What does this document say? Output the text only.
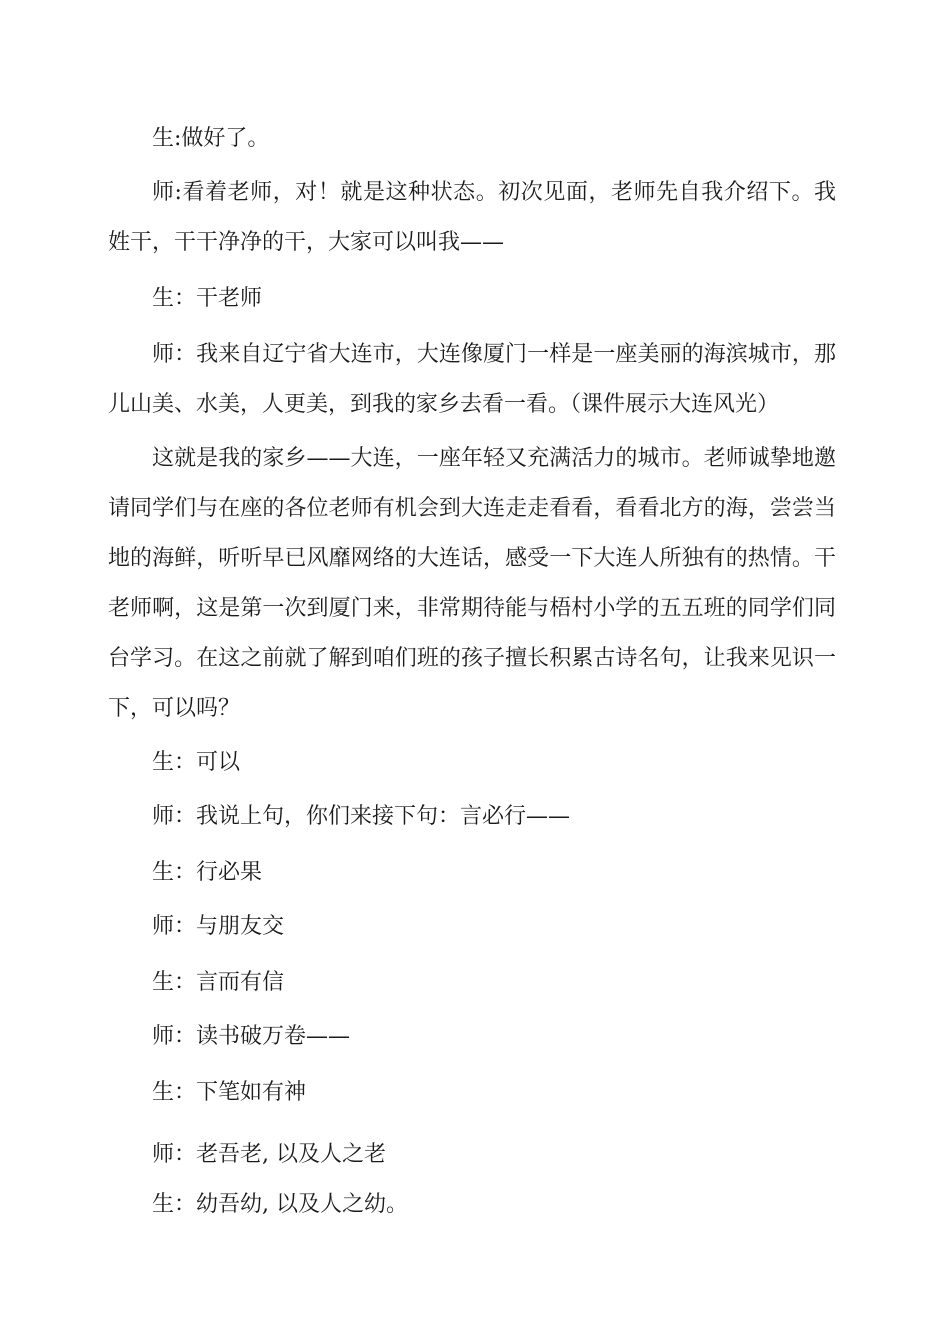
生:做好了。

师:看着老师，对！就是这种状态。初次见面，老师先自我介绍下。我姓干，干干净净的干，大家可以叫我——

生：干老师

师：我来自辽宁省大连市，大连像厦门一样是一座美丽的海滨城市，那儿山美、水美，人更美，到我的家乡去看一看。（课件展示大连风光）

这就是我的家乡——大连，一座年轻又充满活力的城市。老师诚挚地邀请同学们与在座的各位老师有机会到大连走走看看，看看北方的海，尝尝当地的海鲜，听听早已风靡网络的大连话，感受一下大连人所独有的热情。干老师啊，这是第一次到厦门来，非常期待能与梧村小学的五五班的同学们同台学习。在这之前就了解到咱们班的孩子擅长积累古诗名句，让我来见识一下，可以吗？

生：可以

师：我说上句，你们来接下句：言必行——

生：行必果

师：与朋友交

生：言而有信

师：读书破万卷——

生：下笔如有神

师：老吾老, 以及人之老

生：幼吾幼, 以及人之幼。
